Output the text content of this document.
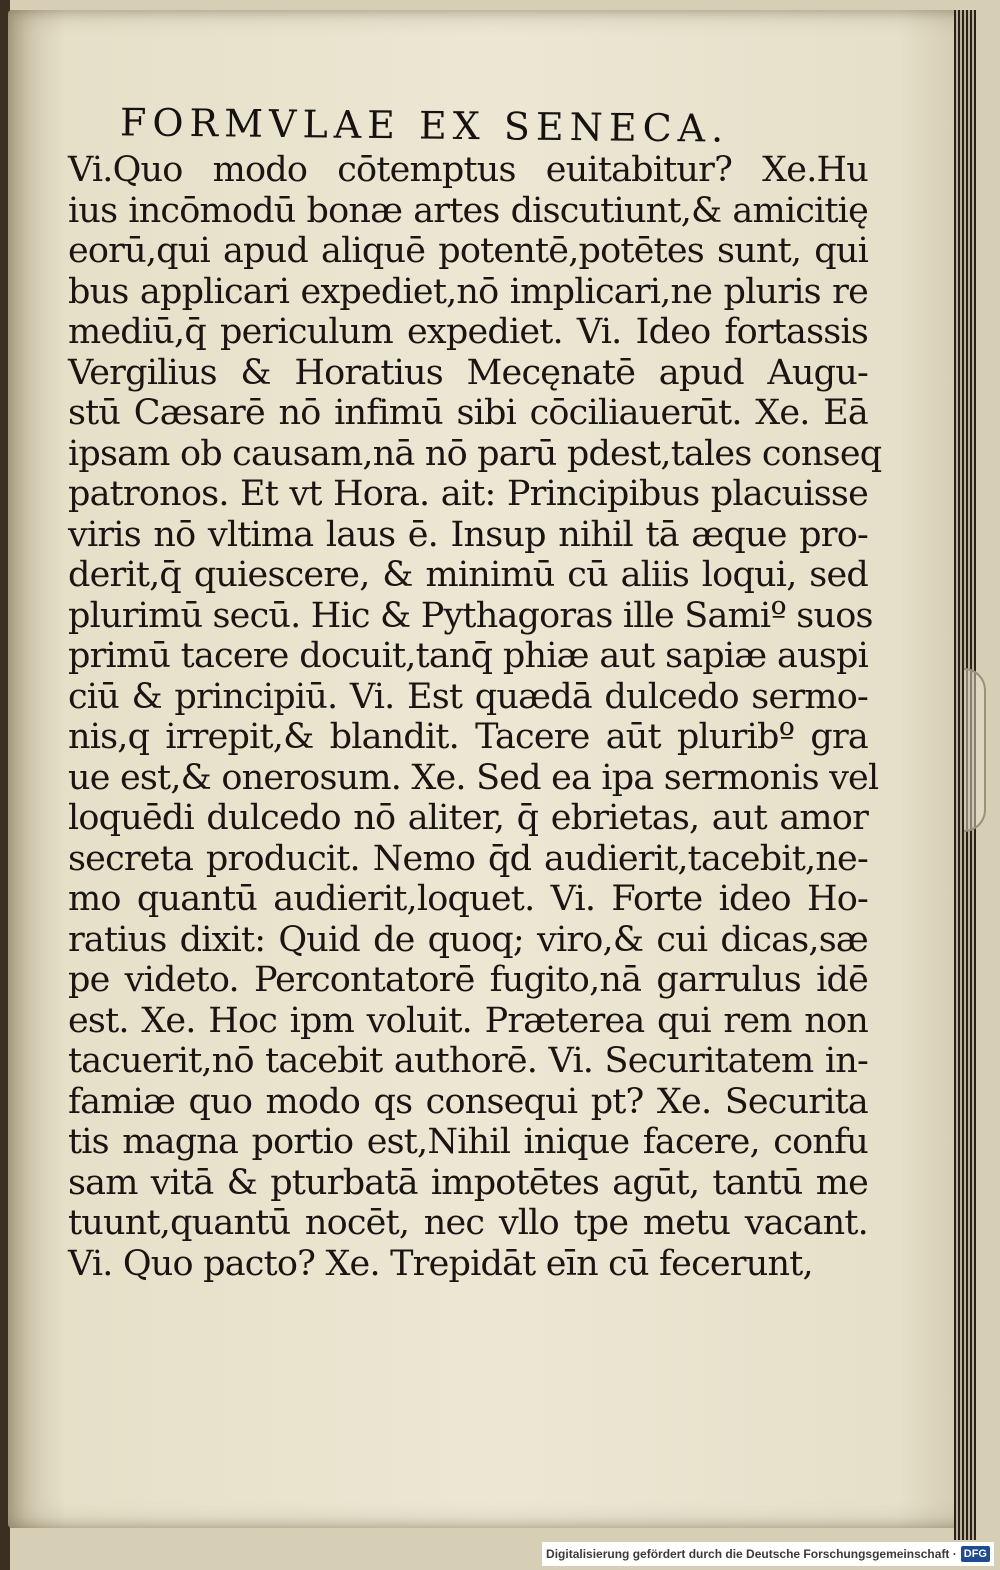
FORMVLAE EX SENECA.
Vi.Quo modo cōtemptus euitabitur? Xe.Hu
ius incōmodū bonæ artes discutiunt,& amicitię
eorū,qui apud aliquē potentē,potētes sunt, qui
bus applicari expediet,nō implicari,ne pluris re
mediū,q̄ periculum expediet. Vi. Ideo fortassis
Vergilius & Horatius Mecęnatē apud Augu-
stū Cæsarē nō infimū sibi cōciliauerūt. Xe. Eā
ipsam ob causam,nā nō parū pdest,tales conseq
patronos. Et vt Hora. ait: Principibus placuisse
viris nō vltima laus ē. Insup nihil tā æque pro-
derit,q̄ quiescere, & minimū cū aliis loqui, sed
plurimū secū. Hic & Pythagoras ille Samiº suos
primū tacere docuit,tanq̄ phiæ aut sapiæ auspi
ciū & principiū. Vi. Est quædā dulcedo sermo-
nis,q irrepit,& blandit. Tacere aūt pluribº gra
ue est,& onerosum. Xe. Sed ea ipa sermonis vel
loquēdi dulcedo nō aliter, q̄ ebrietas, aut amor
secreta producit. Nemo q̄d audierit,tacebit,ne-
mo quantū audierit,loquet. Vi. Forte ideo Ho-
ratius dixit: Quid de quoq; viro,& cui dicas,sæ
pe videto. Percontatorē fugito,nā garrulus idē
est. Xe. Hoc ipm voluit. Præterea qui rem non
tacuerit,nō tacebit authorē. Vi. Securitatem in-
famiæ quo modo qs consequi pt? Xe. Securita
tis magna portio est,Nihil inique facere, confu
sam vitā & pturbatā impotētes agūt, tantū me
tuunt,quantū nocēt, nec vllo tpe metu vacant.
Vi. Quo pacto? Xe. Trepidāt eīn cū fecerunt,
Digitalisierung gefördert durch die Deutsche Forschungsgemeinschaft · DFG
